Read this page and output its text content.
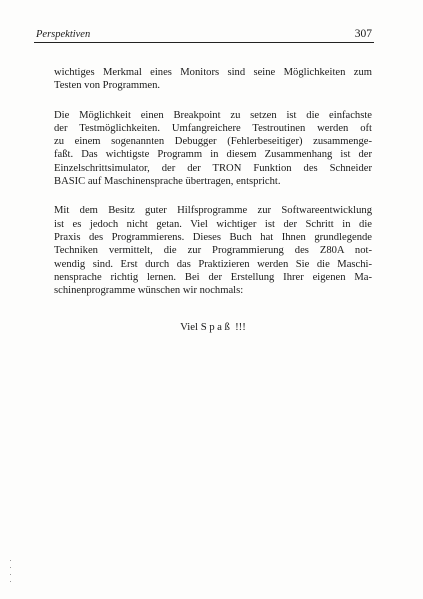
Perspektiven	307

wichtiges Merkmal eines Monitors sind seine Möglichkeiten zum
Testen von Programmen.

Die Möglichkeit einen Breakpoint zu setzen ist die einfachste
der Testmöglichkeiten. Umfangreichere Testroutinen werden oft
zu einem sogenannten Debugger (Fehlerbeseitiger) zusammenge-
faßt. Das wichtigste Programm in diesem Zusammenhang ist der
Einzelschrittsimulator, der der TRON Funktion des Schneider
BASIC auf Maschinensprache übertragen, entspricht.

Mit dem Besitz guter Hilfsprogramme zur Softwareentwicklung
ist es jedoch nicht getan. Viel wichtiger ist der Schritt in die
Praxis des Programmierens. Dieses Buch hat Ihnen grundlegende
Techniken vermittelt, die zur Programmierung des Z80A not-
wendig sind. Erst durch das Praktizieren werden Sie die Maschi-
nensprache richtig lernen. Bei der Erstellung Ihrer eigenen Ma-
schinenprogramme wünschen wir nochmals:

Viel Spaß !!!
